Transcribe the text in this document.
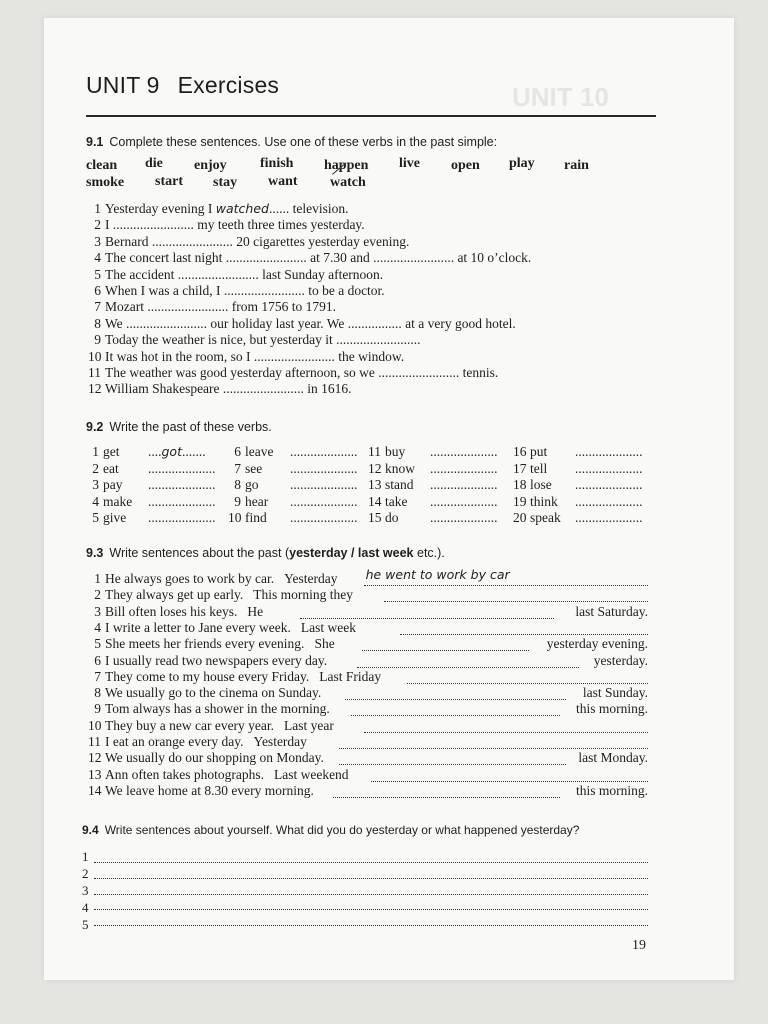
UNIT 10
UNIT 9 Exercises
9.1 Complete these sentences. Use one of these verbs in the past simple:
clean die enjoy finish happen live open play rain
smoke start stay want watch
1 Yesterday evening I watched...... television.
2 I ........................ my teeth three times yesterday.
3 Bernard ........................ 20 cigarettes yesterday evening.
4 The concert last night ........................ at 7.30 and ........................ at 10 o’clock.
5 The accident ........................ last Sunday afternoon.
6 When I was a child, I ........................ to be a doctor.
7 Mozart ........................ from 1756 to 1791.
8 We ........................ our holiday last year. We ................ at a very good hotel.
9 Today the weather is nice, but yesterday it .........................
10 It was hot in the room, so I ........................ the window.
11 The weather was good yesterday afternoon, so we ........................ tennis.
12 William Shakespeare ........................ in 1616.
9.2 Write the past of these verbs.
1 get ....got.......
2 eat ....................
3 pay ....................
4 make ....................
5 give ....................
6 leave ....................
7 see ....................
8 go ....................
9 hear ....................
10 find ....................
11 buy ....................
12 know ....................
13 stand ....................
14 take ....................
15 do ....................
16 put ....................
17 tell ....................
18 lose ....................
19 think ....................
20 speak ....................
9.3 Write sentences about the past (yesterday / last week etc.).
1 He always goes to work by car. Yesterday he went to work by car
2 They always get up early. This morning they
3 Bill often loses his keys. He	last Saturday.
4 I write a letter to Jane every week. Last week
5 She meets her friends every evening. She	yesterday evening.
6 I usually read two newspapers every day.	yesterday.
7 They come to my house every Friday. Last Friday
8 We usually go to the cinema on Sunday.	last Sunday.
9 Tom always has a shower in the morning.	this morning.
10 They buy a new car every year. Last year
11 I eat an orange every day. Yesterday
12 We usually do our shopping on Monday.	last Monday.
13 Ann often takes photographs. Last weekend
14 We leave home at 8.30 every morning.	this morning.
9.4 Write sentences about yourself. What did you do yesterday or what happened yesterday?
1
2
3
4
5
19
